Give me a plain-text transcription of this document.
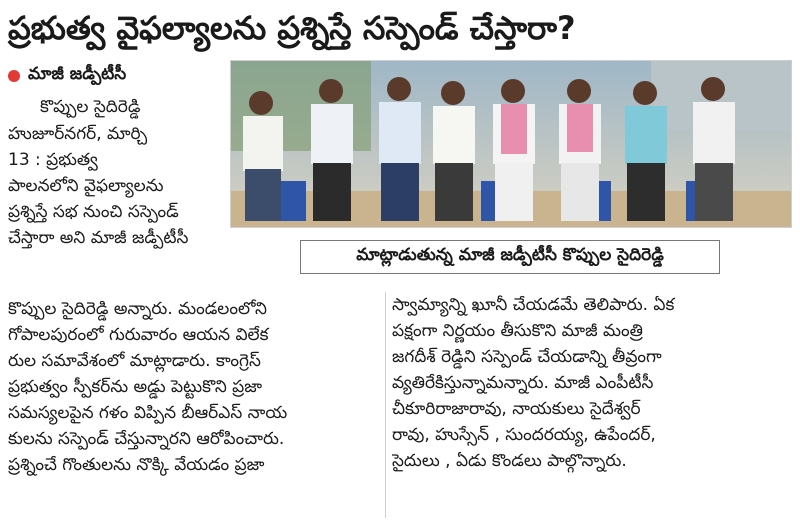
ప్రభుత్వ వైఫల్యాలను ప్రశ్నిస్తే సస్పెండ్ చేస్తారా?
మాజీ జడ్పీటీసీ
కొప్పుల సైదిరెడ్డి
హుజూర్‌నగర్, మార్చి
13 : ప్రభుత్వ
పాలనలోని వైఫల్యాలను
ప్రశ్నిస్తే సభ నుంచి సస్పెండ్
చేస్తారా అని మాజీ జడ్పీటీసీ
మాట్లాడుతున్న మాజీ జడ్పీటీసీ కొప్పుల సైదిరెడ్డి
కొప్పుల సైదిరెడ్డి అన్నారు. మండలంలోని
గోపాలపురంలో గురువారం ఆయన విలేక
రుల సమావేశంలో మాట్లాడారు. కాంగ్రెస్
ప్రభుత్వం స్పీకర్‌ను అడ్డు పెట్టుకొని ప్రజా
సమస్యలపైన గళం విప్పిన బీఆర్ఎస్ నాయ
కులను సస్పెండ్ చేస్తున్నారని ఆరోపించారు.
ప్రశ్నించే గొంతులను నొక్కి వేయడం ప్రజా
స్వామ్యాన్ని ఖూనీ చేయడమే తెలిపారు. ఏక
పక్షంగా నిర్ణయం తీసుకొని మాజీ మంత్రి
జగదీశ్ రెడ్డిని సస్పెండ్ చేయడాన్ని తీవ్రంగా
వ్యతిరేకిస్తున్నామన్నారు. మాజీ ఎంపీటీసీ
చీకూరిరాజారావు, నాయకులు సైదేశ్వర్
రావు, హుస్సేన్ , సుందరయ్య, ఉపేందర్,
సైదులు , ఏడు కొండలు పాల్గొన్నారు.
